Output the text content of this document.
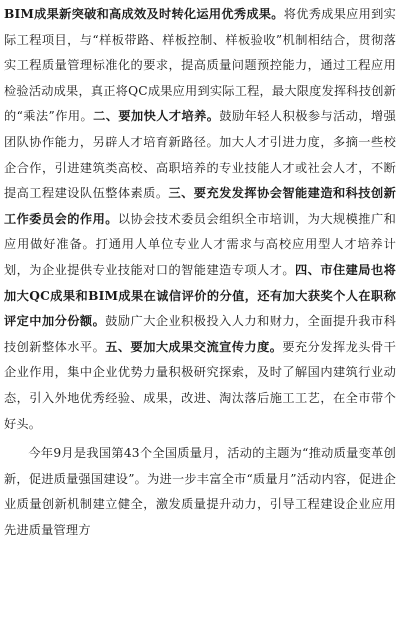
BIM成果新突破和高成效及时转化运用优秀成果。将优秀成果应用到实际工程项目，与“样板带路、样板控制、样板验收”机制相结合，贯彻落实工程质量管理标准化的要求，提高质量问题预控能力，通过工程应用检验活动成果，真正将QC成果应用到实际工程，最大限度发挥科技创新的“乘法”作用。二、要加快人才培养。鼓励年轻人积极参与活动，增强团队协作能力，另辟人才培育新路径。加大人才引进力度，多摘一些校企合作，引进建筑类高校、高职培养的专业技能人才或社会人才，不断提高工程建设队伍整体素质。三、要充发发挥协会智能建造和科技创新工作委员会的作用。以协会技术委员会组织全市培训，为大规模推广和应用做好准备。打通用人单位专业人才需求与高校应用型人才培养计划，为企业提供专业技能对口的智能建造专项人才。四、市住建局也将加大QC成果和BIM成果在诚信评价的分值，还有加大获奖个人在职称评定中加分份额。鼓励广大企业积极投入人力和财力，全面提升我市科技创新整体水平。五、要加大成果交流宣传力度。要充分发挥龙头骨干企业作用，集中企业优势力量积极研究探索，及时了解国内建筑行业动态，引入外地优秀经验、成果，改进、淘汰落后施工工艺，在全市带个好头。

今年9月是我国第43个全国质量月，活动的主题为“推动质量变革创新，促进质量强国建设”。为进一步丰富全市“质量月”活动内容，促进企业质量创新机制建立健全，激发质量提升动力，引导工程建设企业应用先进质量管理方
